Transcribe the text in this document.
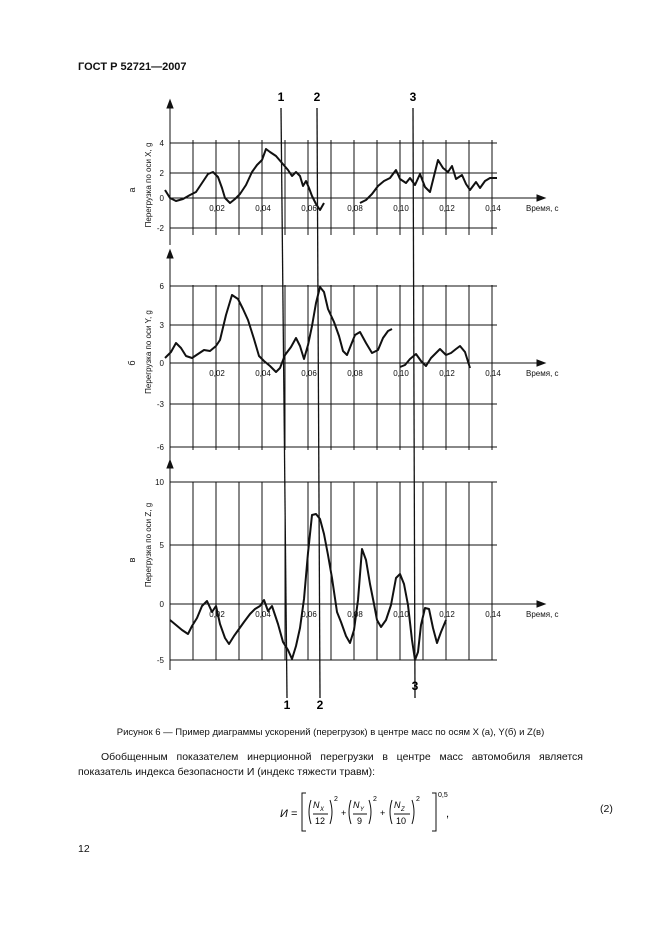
ГОСТ Р 52721—2007
4
2
0
-2
0,02	0,04	0,06	0,08	0,10	0,12	0,14	Время, с
Перегрузка по оси X, g
а
6
3
0
-3
-6
0,02	0,04	0,06	0,08	0,10	0,12	0,14	Время, с
Перегрузка по оси Y, g
б
10
5
0
-5
0,02	0,04	0,06	0,08	0,10	0,12	0,14	Время, с
Перегрузка по оси Z, g
в
1
1
2
2
3
3
Рисунок 6 — Пример диаграммы ускорений (перегрузок) в центре масс по осям X (а), Y(б) и Z(в)
Обобщенным показателем инерционной перегрузки в центре масс автомобиля является показатель индекса безопасности И (индекс тяжести травм):
И =
N X
12
2
+
N Y
9
2
+
N Z
10
2
0,5
,	(2)
12
